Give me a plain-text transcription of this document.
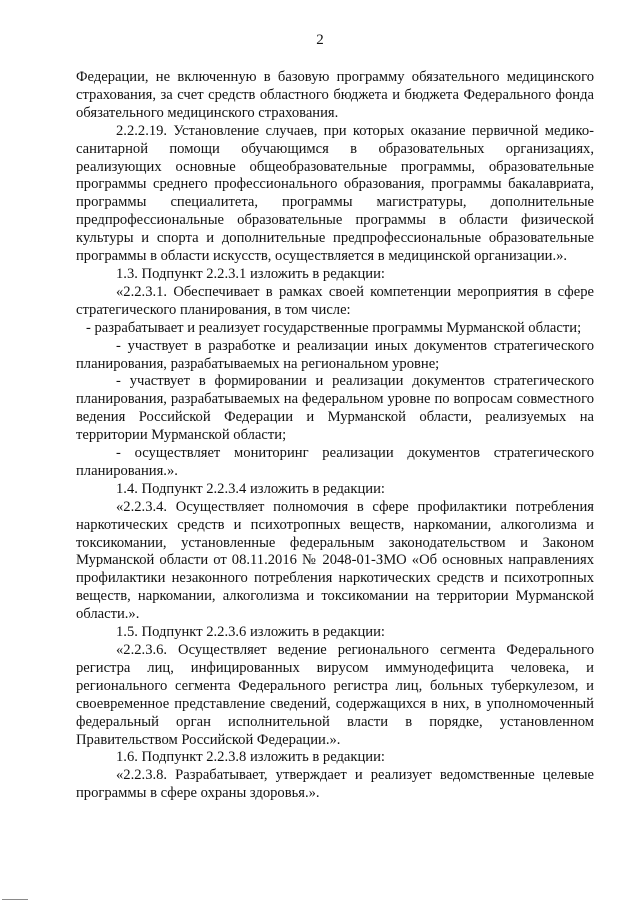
2

Федерации, не включенную в базовую программу обязательного медицинского страхования, за счет средств областного бюджета и бюджета Федерального фонда обязательного медицинского страхования.

2.2.2.19. Установление случаев, при которых оказание первичной медико-санитарной помощи обучающимся в образовательных организациях, реализующих основные общеобразовательные программы, образовательные программы среднего профессионального образования, программы бакалавриата, программы специалитета, программы магистратуры, дополнительные предпрофессиональные образовательные программы в области физической культуры и спорта и дополнительные предпрофессиональные образовательные программы в области искусств, осуществляется в медицинской организации.».

1.3. Подпункт 2.2.3.1 изложить в редакции:

«2.2.3.1. Обеспечивает в рамках своей компетенции мероприятия в сфере стратегического планирования, в том числе:

- разрабатывает и реализует государственные программы Мурманской области;

- участвует в разработке и реализации иных документов стратегического планирования, разрабатываемых на региональном уровне;

- участвует в формировании и реализации документов стратегического планирования, разрабатываемых на федеральном уровне по вопросам совместного ведения Российской Федерации и Мурманской области, реализуемых на территории Мурманской области;

- осуществляет мониторинг реализации документов стратегического планирования.».

1.4. Подпункт 2.2.3.4 изложить в редакции:

«2.2.3.4. Осуществляет полномочия в сфере профилактики потребления наркотических средств и психотропных веществ, наркомании, алкоголизма и токсикомании, установленные федеральным законодательством и Законом Мурманской области от 08.11.2016 № 2048-01-ЗМО «Об основных направлениях профилактики незаконного потребления наркотических средств и психотропных веществ, наркомании, алкоголизма и токсикомании на территории Мурманской области.».

1.5. Подпункт 2.2.3.6 изложить в редакции:

«2.2.3.6. Осуществляет ведение регионального сегмента Федерального регистра лиц, инфицированных вирусом иммунодефицита человека, и регионального сегмента Федерального регистра лиц, больных туберкулезом, и своевременное представление сведений, содержащихся в них, в уполномоченный федеральный орган исполнительной власти в порядке, установленном Правительством Российской Федерации.».

1.6. Подпункт 2.2.3.8 изложить в редакции:

«2.2.3.8. Разрабатывает, утверждает и реализует ведомственные целевые программы в сфере охраны здоровья.».
